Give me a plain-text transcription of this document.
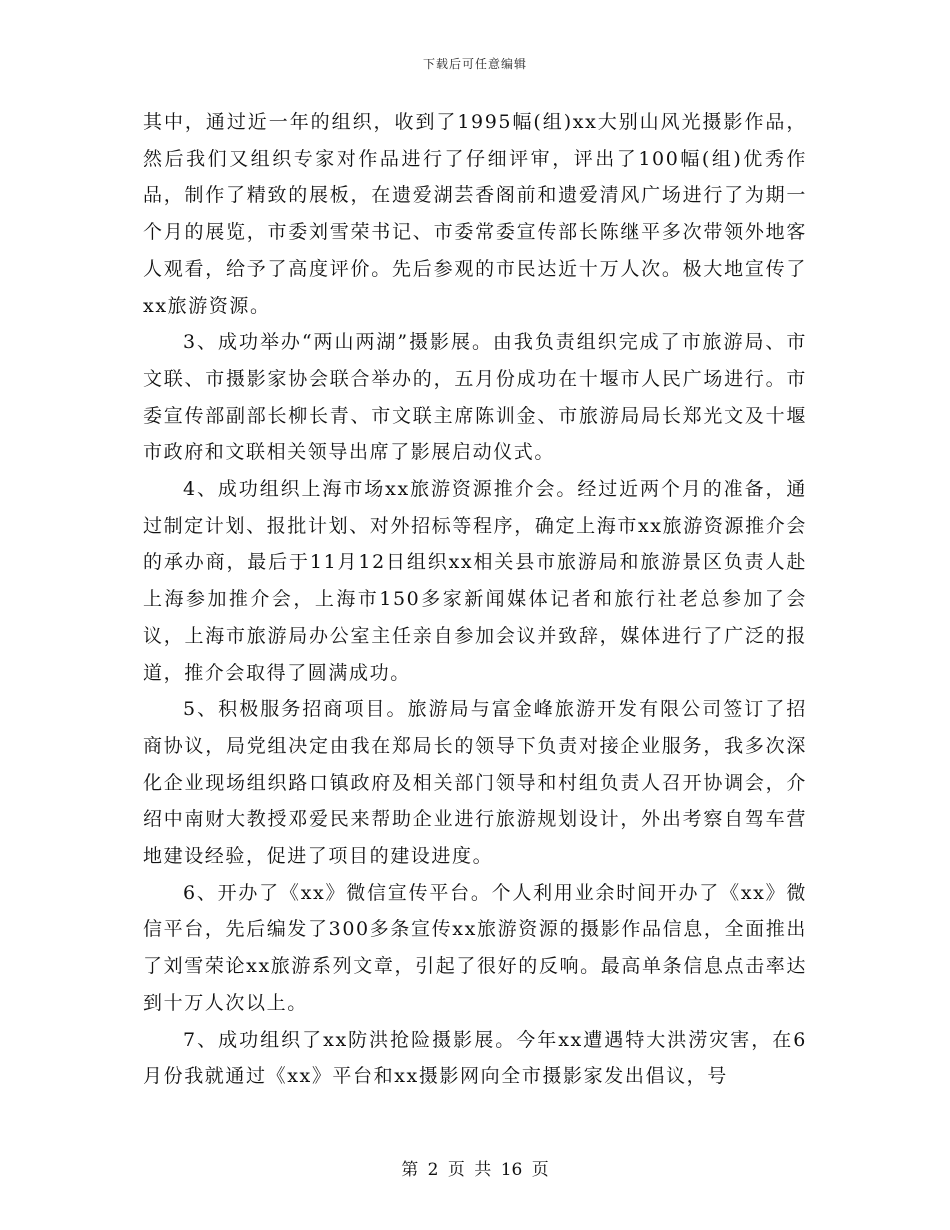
下载后可任意编辑

其中，通过近一年的组织，收到了1995幅(组)xx大别山风光摄影作品，然后我们又组织专家对作品进行了仔细评审，评出了100幅(组)优秀作品，制作了精致的展板，在遗爱湖芸香阁前和遗爱清风广场进行了为期一个月的展览，市委刘雪荣书记、市委常委宣传部长陈继平多次带领外地客人观看，给予了高度评价。先后参观的市民达近十万人次。极大地宣传了xx旅游资源。

3、成功举办“两山两湖”摄影展。由我负责组织完成了市旅游局、市文联、市摄影家协会联合举办的，五月份成功在十堰市人民广场进行。市委宣传部副部长柳长青、市文联主席陈训金、市旅游局局长郑光文及十堰市政府和文联相关领导出席了影展启动仪式。

4、成功组织上海市场xx旅游资源推介会。经过近两个月的准备，通过制定计划、报批计划、对外招标等程序，确定上海市xx旅游资源推介会的承办商，最后于11月12日组织xx相关县市旅游局和旅游景区负责人赴上海参加推介会，上海市150多家新闻媒体记者和旅行社老总参加了会议，上海市旅游局办公室主任亲自参加会议并致辞，媒体进行了广泛的报道，推介会取得了圆满成功。

5、积极服务招商项目。旅游局与富金峰旅游开发有限公司签订了招商协议，局党组决定由我在郑局长的领导下负责对接企业服务，我多次深化企业现场组织路口镇政府及相关部门领导和村组负责人召开协调会，介绍中南财大教授邓爱民来帮助企业进行旅游规划设计，外出考察自驾车营地建设经验，促进了项目的建设进度。

6、开办了《xx》微信宣传平台。个人利用业余时间开办了《xx》微信平台，先后编发了300多条宣传xx旅游资源的摄影作品信息，全面推出了刘雪荣论xx旅游系列文章，引起了很好的反响。最高单条信息点击率达到十万人次以上。

7、成功组织了xx防洪抢险摄影展。今年xx遭遇特大洪涝灾害，在6月份我就通过《xx》平台和xx摄影网向全市摄影家发出倡议，号

第 2 页 共 16 页
